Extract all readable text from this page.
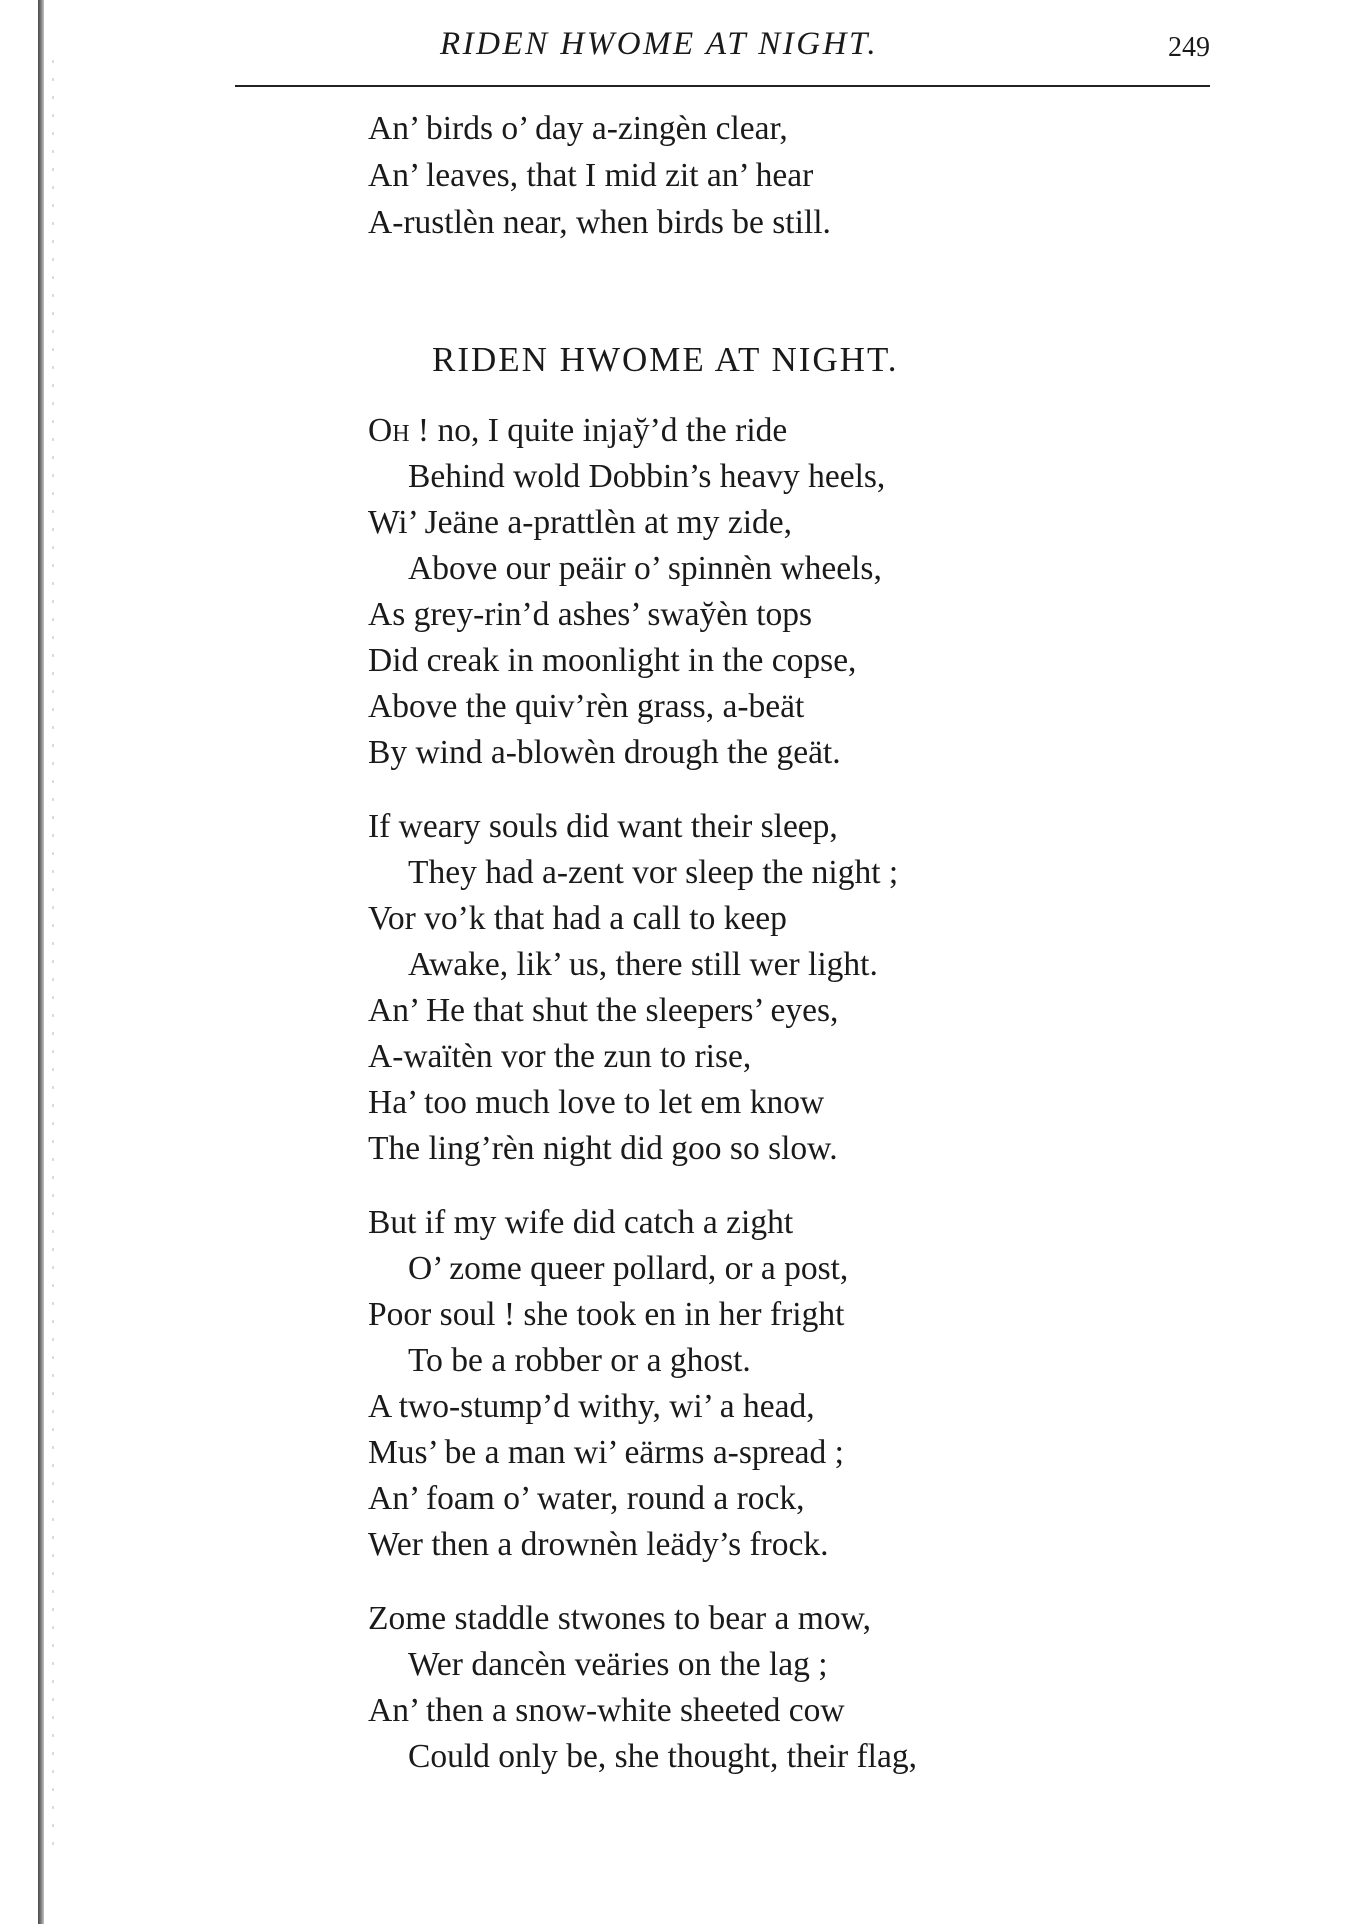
RIDEN HWOME AT NIGHT.	249
An’ birds o’ day a-zingèn clear,
An’ leaves, that I mid zit an’ hear
A-rustlèn near, when birds be still.
RIDEN HWOME AT NIGHT.
OH ! no, I quite injay̆’d the ride
Behind wold Dobbin’s heavy heels,
Wi’ Jeäne a-prattlèn at my zide,
Above our peäir o’ spinnèn wheels,
As grey-rin’d ashes’ sway̆èn tops
Did creak in moonlight in the copse,
Above the quiv’rèn grass, a-beät
By wind a-blowèn drough the geät.
If weary souls did want their sleep,
They had a-zent vor sleep the night ;
Vor vo’k that had a call to keep
Awake, lik’ us, there still wer light.
An’ He that shut the sleepers’ eyes,
A-waïtèn vor the zun to rise,
Ha’ too much love to let em know
The ling’rèn night did goo so slow.
But if my wife did catch a zight
O’ zome queer pollard, or a post,
Poor soul ! she took en in her fright
To be a robber or a ghost.
A two-stump’d withy, wi’ a head,
Mus’ be a man wi’ eärms a-spread ;
An’ foam o’ water, round a rock,
Wer then a drownèn leädy’s frock.
Zome staddle stwones to bear a mow,
Wer dancèn veäries on the lag ;
An’ then a snow-white sheeted cow
Could only be, she thought, their flag,
